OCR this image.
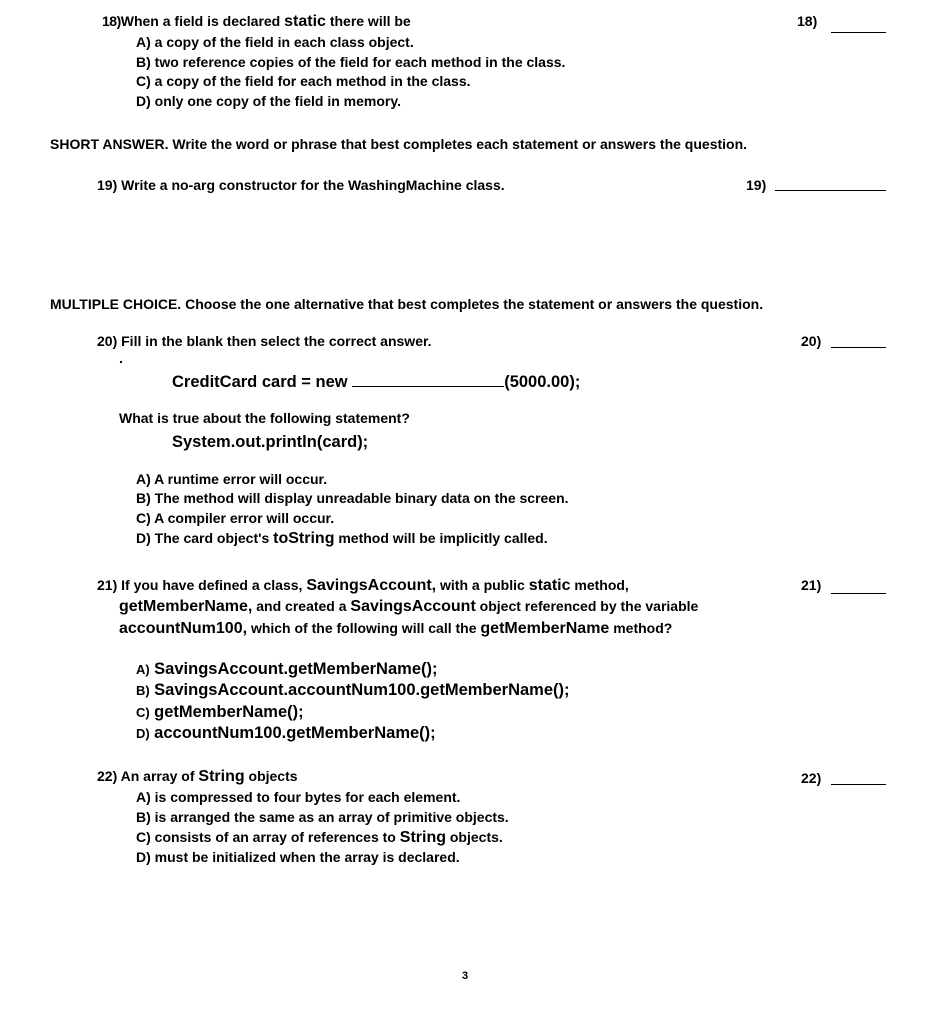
18)When a field is declared static there will be
A) a copy of the field in each class object.
B) two reference copies of the field for each method in the class.
C) a copy of the field for each method in the class.
D) only one copy of the field in memory.
18)
SHORT ANSWER. Write the word or phrase that best completes each statement or answers the question.
19) Write a no-arg constructor for the WashingMachine class.	19)
MULTIPLE CHOICE. Choose the one alternative that best completes the statement or answers the question.
20) Fill in the blank then select the correct answer.	20)
.
CreditCard card = new	(5000.00);
What is true about the following statement?
System.out.println(card);
A) A runtime error will occur.
B) The method will display unreadable binary data on the screen.
C) A compiler error will occur.
D) The card object's toString method will be implicitly called.
21) If you have defined a class, SavingsAccount, with a public static method,	21)
getMemberName, and created a SavingsAccount object referenced by the variable
accountNum100, which of the following will call the getMemberName method?
A) SavingsAccount.getMemberName();
B) SavingsAccount.accountNum100.getMemberName();
C) getMemberName();
D) accountNum100.getMemberName();
22) An array of String objects	22)
A) is compressed to four bytes for each element.
B) is arranged the same as an array of primitive objects.
C) consists of an array of references to String objects.
D) must be initialized when the array is declared.
3
